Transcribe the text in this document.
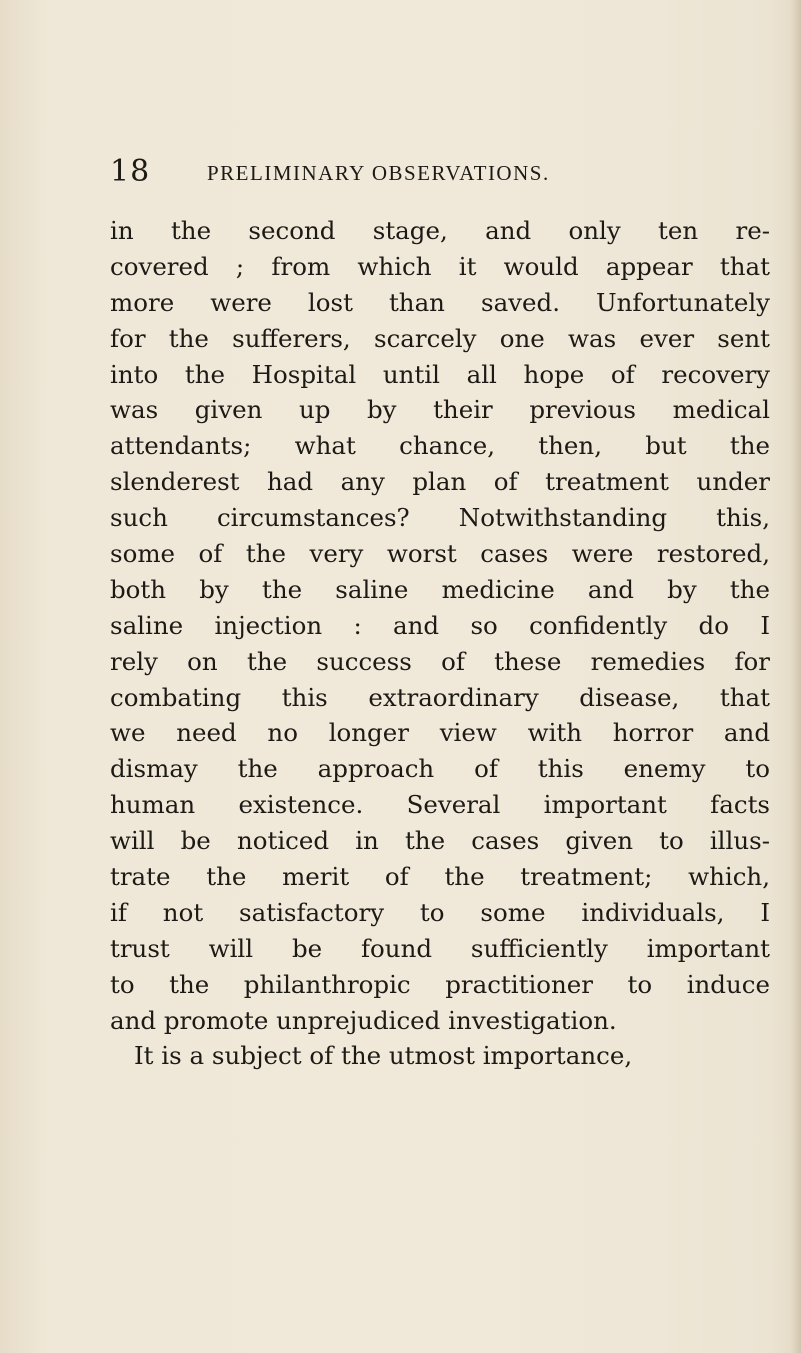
18	PRELIMINARY OBSERVATIONS.
in the second stage, and only ten re-
covered ; from which it would appear that
more were lost than saved. Unfortunately
for the sufferers, scarcely one was ever sent
into the Hospital until all hope of recovery
was given up by their previous medical
attendants; what chance, then, but the
slenderest had any plan of treatment under
such circumstances? Notwithstanding this,
some of the very worst cases were restored,
both by the saline medicine and by the
saline injection : and so confidently do I
rely on the success of these remedies for
combating this extraordinary disease, that
we need no longer view with horror and
dismay the approach of this enemy to
human existence. Several important facts
will be noticed in the cases given to illus-
trate the merit of the treatment; which,
if not satisfactory to some individuals, I
trust will be found sufficiently important
to the philanthropic practitioner to induce
and promote unprejudiced investigation.
It is a subject of the utmost importance,
